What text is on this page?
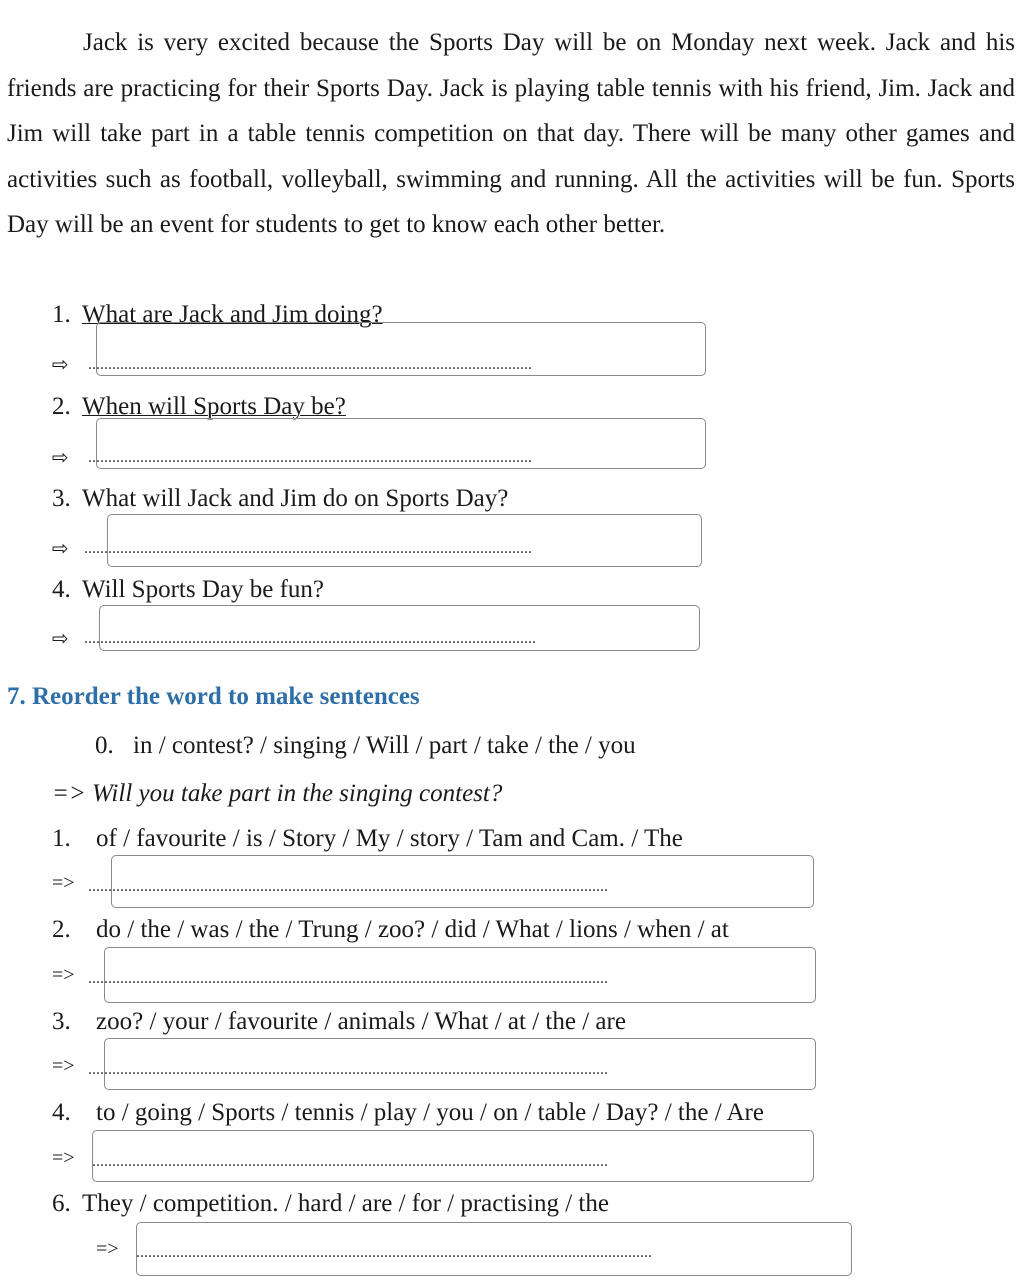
Jack is very excited because the Sports Day will be on Monday next week. Jack and his friends are practicing for their Sports Day. Jack is playing table tennis with his friend, Jim. Jack and Jim will take part in a table tennis competition on that day. There will be many other games and activities such as football, volleyball, swimming and running. All the activities will be fun. Sports Day will be an event for students to get to know each other better.
1. What are Jack and Jim doing?
⇨ ...............................................................................................................
2. When will Sports Day be?
⇨ ...............................................................................................................
3. What will Jack and Jim do on Sports Day?
⇨ ................................................................................................................
4. Will Sports Day be fun?
⇨ .................................................................................................................
7. Reorder the word to make sentences
0. in / contest? / singing / Will / part / take / the / you
=> Will you take part in the singing contest?
1. of / favourite / is / Story / My / story / Tam and Cam. / The
=> ..................................................................................................................................
2. do / the / was / the / Trung / zoo? / did / What / lions / when / at
=> ..................................................................................................................................
3. zoo? / your / favourite / animals / What / at / the / are
=> ..................................................................................................................................
4. to / going / Sports / tennis / play / you / on / table / Day? / the / Are
=> .................................................................................................................................
6. They / competition. / hard / are / for / practising / the
=> .................................................................................................................................
